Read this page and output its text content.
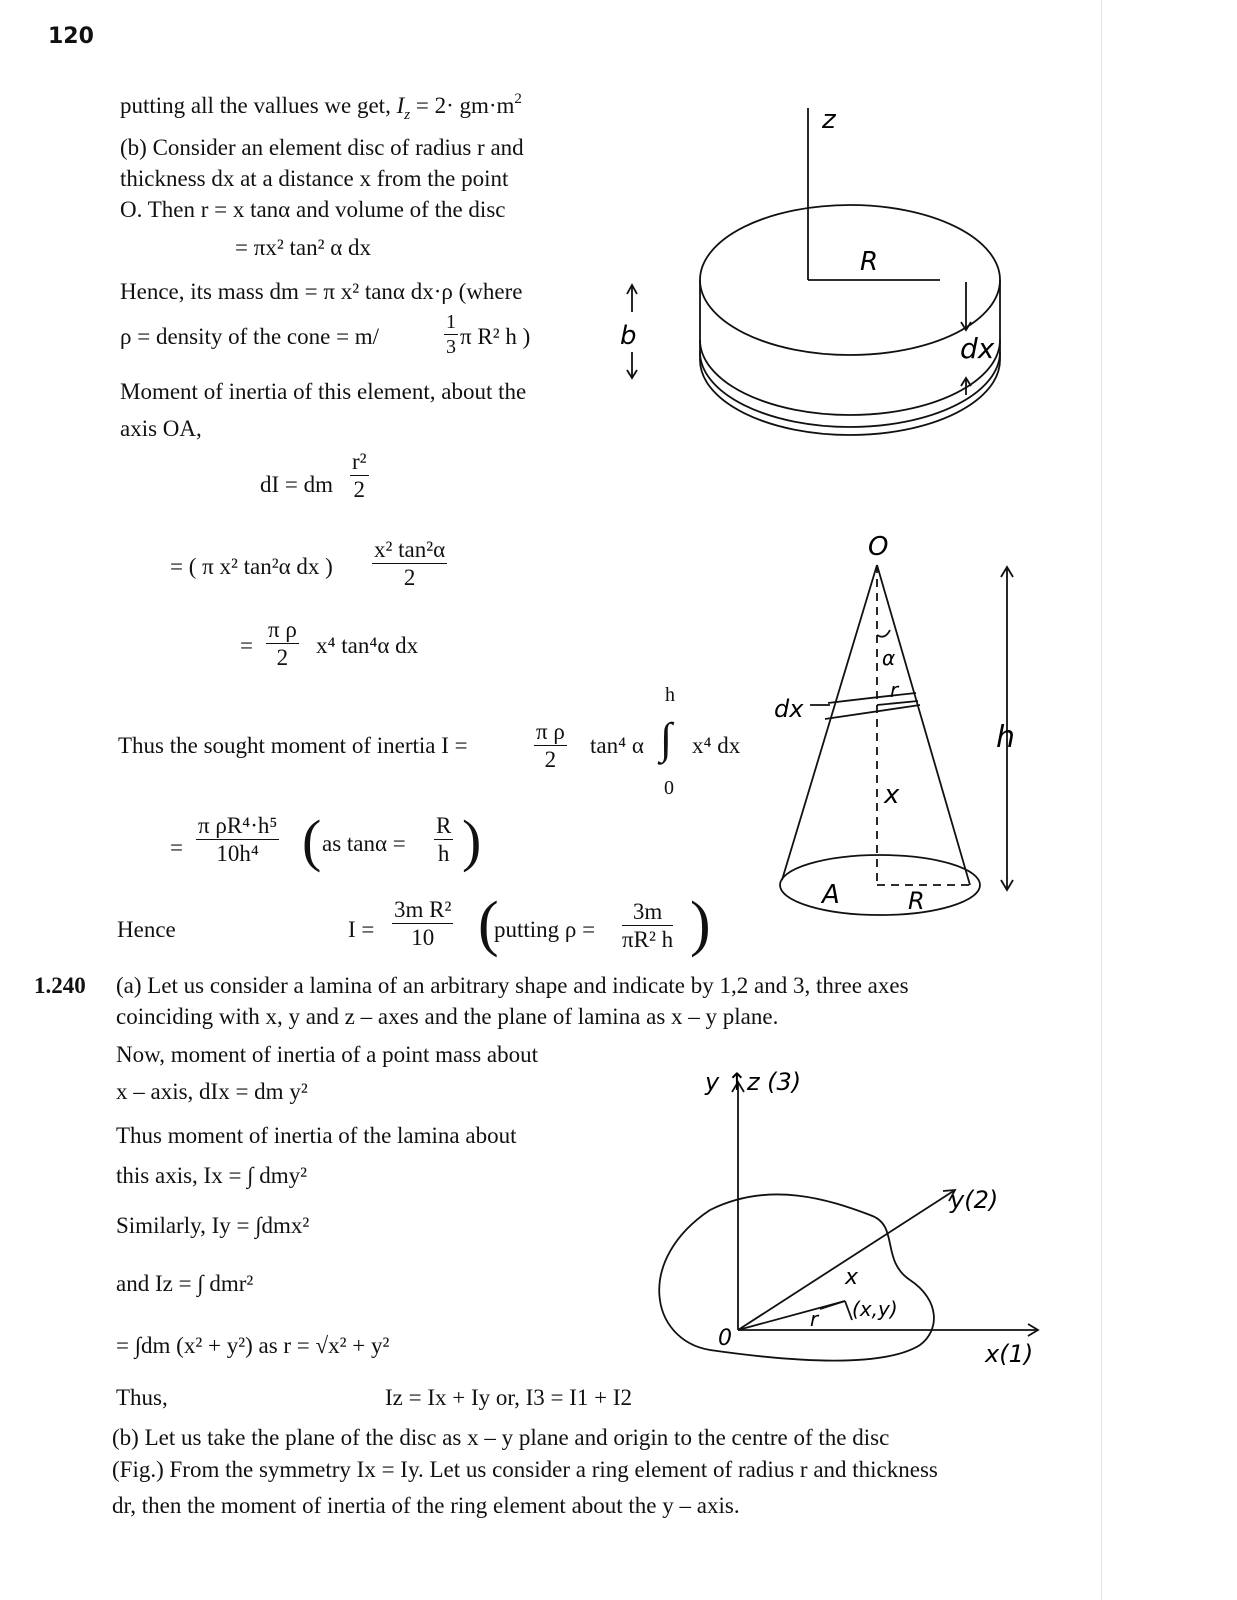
120
putting all the vallues we get, $I_z = 2\cdot gm\cdot m^2$
(b) Consider an element disc of radius r and
thickness dx at a distance x from the point
O. Then r = x tanα and volume of the disc
= πx² tan² α dx
Hence, its mass dm = π x² tanα dx·ρ (where
ρ = density of the cone = m/	$\frac{1}{3}$ π R² h )
Moment of inertia of this element, about the
axis OA,
dI = dm $\frac{\text{r²}}{2}$
= ( π x² tan²α dx ) $\frac{\text{x² tan²α}}{2}$
= $\frac{\text{π ρ}}{2} x^4$ tan⁴α dx
Thus the sought moment of inertia I =	$\frac{\text{π ρ}}{2} \tan^4$ α
h
∫
0
x⁴ dx
= $\frac{\text{π ρR⁴·h⁵}}{\text{10h⁴}}$ ( as $\tan\alpha = \frac{R}{h}$ )
Hence	$I = \frac{\text{3m R²}}{10}$ (
putting $\rho = \frac{3m}{\text{πR² h}}$ )
1.240 (a) Let us consider a lamina of an arbitrary shape and indicate by 1,2 and 3, three axes
coinciding with x, y and z – axes and the plane of lamina as x – y plane.
Now, moment of inertia of a point mass about
x – axis, dIx = dm y²
Thus moment of inertia of the lamina about
this axis, Ix = ∫ dmy²
Similarly, Iy = ∫dmx²
and Iz = ∫ dmr²
= ∫dm (x² + y²) as r = √x² + y²
Thus,	Iz = Ix + Iy or, I3 = I1 + I2
(b) Let us take the plane of the disc as x – y plane and origin to the centre of the disc
(Fig.) From the symmetry Ix = Iy. Let us consider a ring element of radius r and thickness
dr, then the moment of inertia of the ring element about the y – axis.
z
R
b	dx
O
α
r
dx
x
h
A	R
y ↑z (3)
y(2)
x
r (x,y)
0
x(1)
